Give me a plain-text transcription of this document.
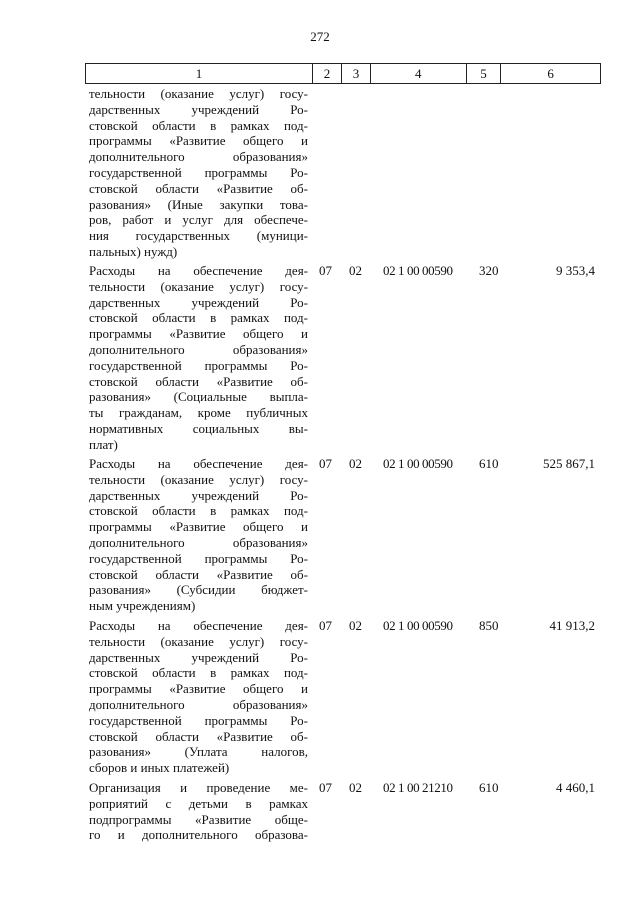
272
1	2	3	4	5	6
тельности (оказание услуг) госу-
дарственных учреждений Ро-
стовской области в рамках под-
программы «Развитие общего и
дополнительного образования»
государственной программы Ро-
стовской области «Развитие об-
разования» (Иные закупки това-
ров, работ и услуг для обеспече-
ния государственных (муници-
пальных) нужд)
Расходы на обеспечение дея-
тельности (оказание услуг) госу-
дарственных учреждений Ро-
стовской области в рамках под-
программы «Развитие общего и
дополнительного образования»
государственной программы Ро-
стовской области «Развитие об-
разования» (Социальные выпла-
ты гражданам, кроме публичных
нормативных социальных вы-
плат)
07	02	02 1 00 00590	320	9 353,4
Расходы на обеспечение дея-
тельности (оказание услуг) госу-
дарственных учреждений Ро-
стовской области в рамках под-
программы «Развитие общего и
дополнительного образования»
государственной программы Ро-
стовской области «Развитие об-
разования» (Субсидии бюджет-
ным учреждениям)
07	02	02 1 00 00590	610	525 867,1
Расходы на обеспечение дея-
тельности (оказание услуг) госу-
дарственных учреждений Ро-
стовской области в рамках под-
программы «Развитие общего и
дополнительного образования»
государственной программы Ро-
стовской области «Развитие об-
разования» (Уплата налогов,
сборов и иных платежей)
07	02	02 1 00 00590	850	41 913,2
Организация и проведение ме-
роприятий с детьми в рамках
подпрограммы «Развитие обще-
го и дополнительного образова-
07	02	02 1 00 21210	610	4 460,1
